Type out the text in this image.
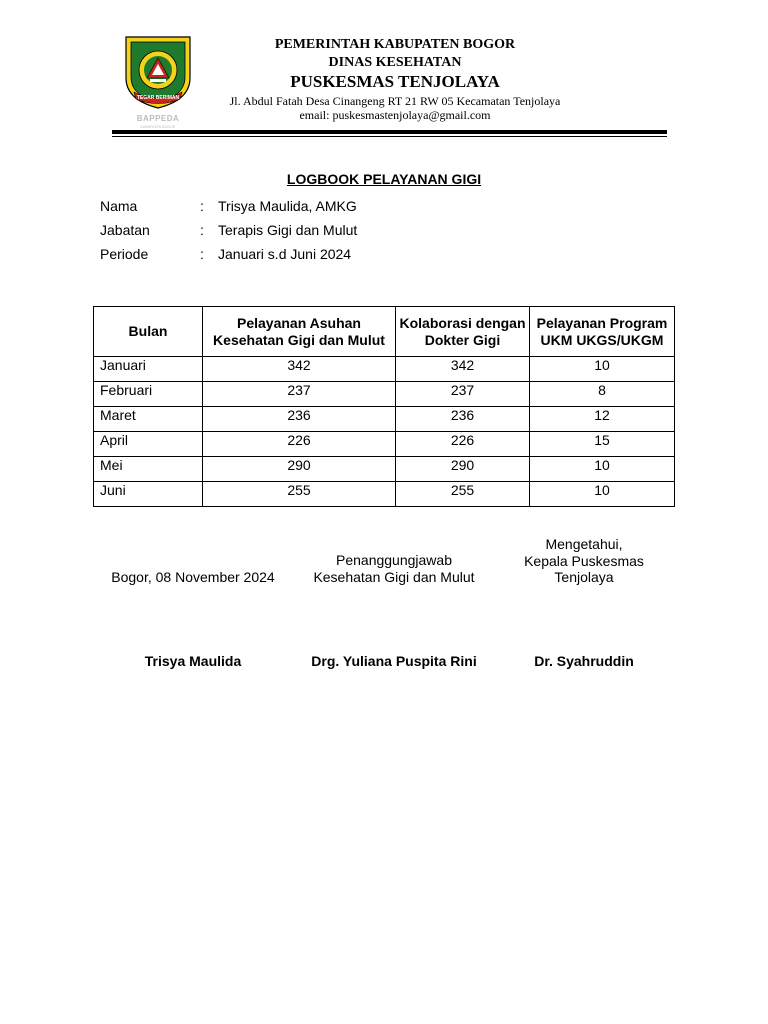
TEGAR BERIMAN
BAPPEDA
KABUPATEN BOGOR
PEMERINTAH KABUPATEN BOGOR
DINAS KESEHATAN
PUSKESMAS TENJOLAYA
Jl. Abdul Fatah Desa Cinangeng RT 21 RW 05 Kecamatan Tenjolaya
email: puskesmastenjolaya@gmail.com
LOGBOOK PELAYANAN GIGI
Nama	: Trisya Maulida, AMKG
Jabatan	: Terapis Gigi dan Mulut
Periode	: Januari s.d Juni 2024
Bulan	Pelayanan Asuhan Kesehatan Gigi dan Mulut	Kolaborasi dengan Dokter Gigi	Pelayanan Program UKM UKGS/UKGM
Januari	342	342	10
Februari	237	237	8
Maret	236	236	12
April	226	226	15
Mei	290	290	10
Juni	255	255	10
Bogor, 08 November 2024
Penanggungjawab
Kesehatan Gigi dan Mulut
Mengetahui,
Kepala Puskesmas
Tenjolaya
Trisya Maulida	Drg. Yuliana Puspita Rini	Dr. Syahruddin
